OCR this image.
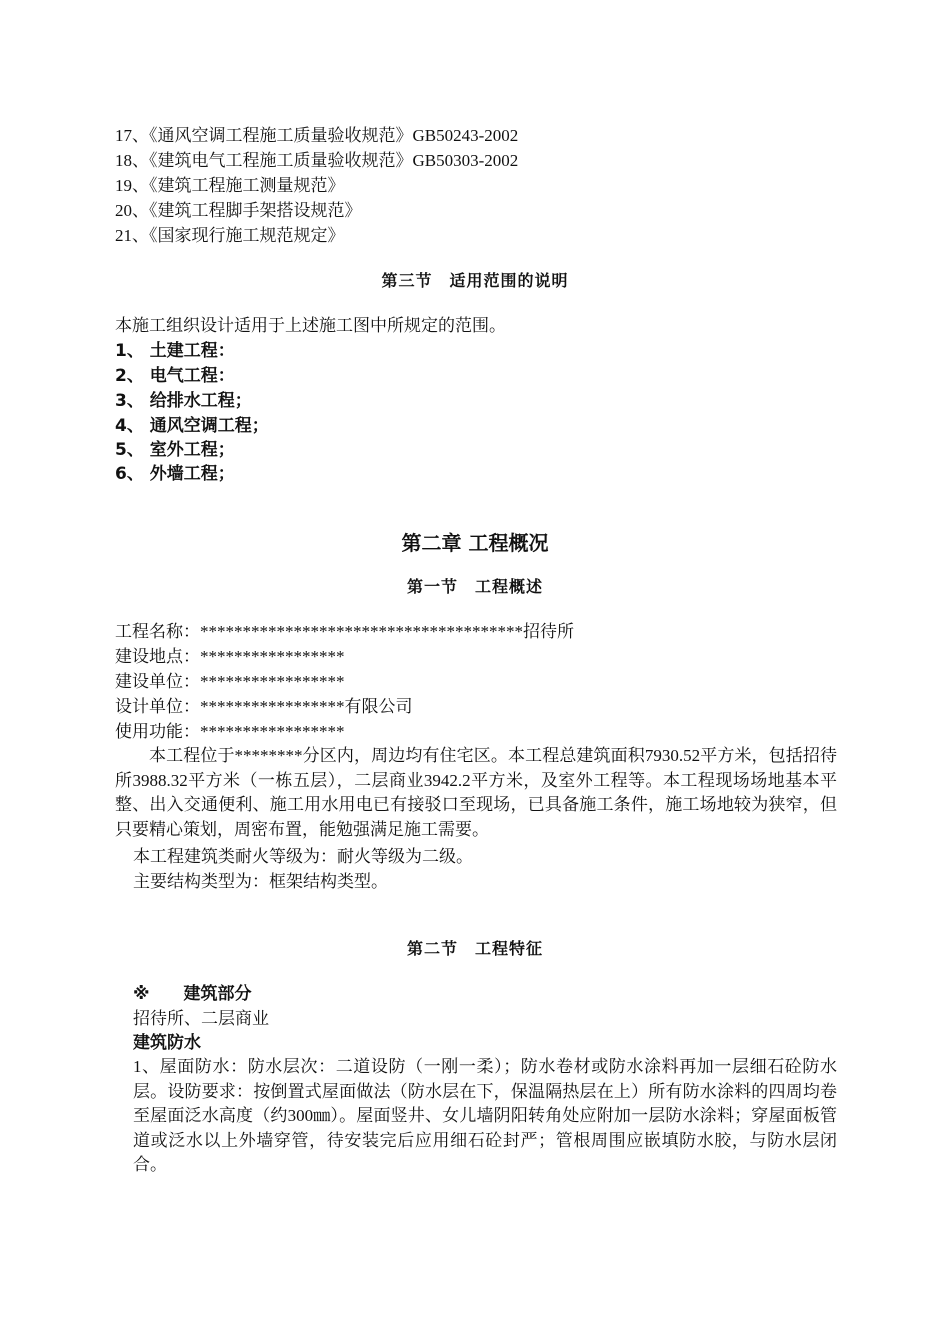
17、《通风空调工程施工质量验收规范》GB50243-2002
18、《建筑电气工程施工质量验收规范》GB50303-2002
19、《建筑工程施工测量规范》
20、《建筑工程脚手架搭设规范》
21、《国家现行施工规范规定》
第三节　适用范围的说明
本施工组织设计适用于上述施工图中所规定的范围。
1、 土建工程：
2、 电气工程：
3、 给排水工程；
4、 通风空调工程；
5、 室外工程；
6、 外墙工程；
第二章 工程概况
第一节　工程概述
工程名称：**************************************招待所
建设地点：*****************
建设单位：*****************
设计单位：*****************有限公司
使用功能：*****************
本工程位于********分区内，周边均有住宅区。本工程总建筑面积7930.52平方米，包括招待所3988.32平方米（一栋五层），二层商业3942.2平方米，及室外工程等。本工程现场场地基本平整、出入交通便利、施工用水用电已有接驳口至现场，已具备施工条件，施工场地较为狭窄，但只要精心策划，周密布置，能勉强满足施工需要。
本工程建筑类耐火等级为：耐火等级为二级。
主要结构类型为：框架结构类型。
第二节　工程特征
※　　建筑部分
招待所、二层商业
建筑防水
1、屋面防水：防水层次：二道设防（一刚一柔）；防水卷材或防水涂料再加一层细石砼防水层。设防要求：按倒置式屋面做法（防水层在下，保温隔热层在上）所有防水涂料的四周均卷至屋面泛水高度（约300㎜）。屋面竖井、女儿墙阴阳转角处应附加一层防水涂料；穿屋面板管道或泛水以上外墙穿管，待安装完后应用细石砼封严；管根周围应嵌填防水胶，与防水层闭合。
